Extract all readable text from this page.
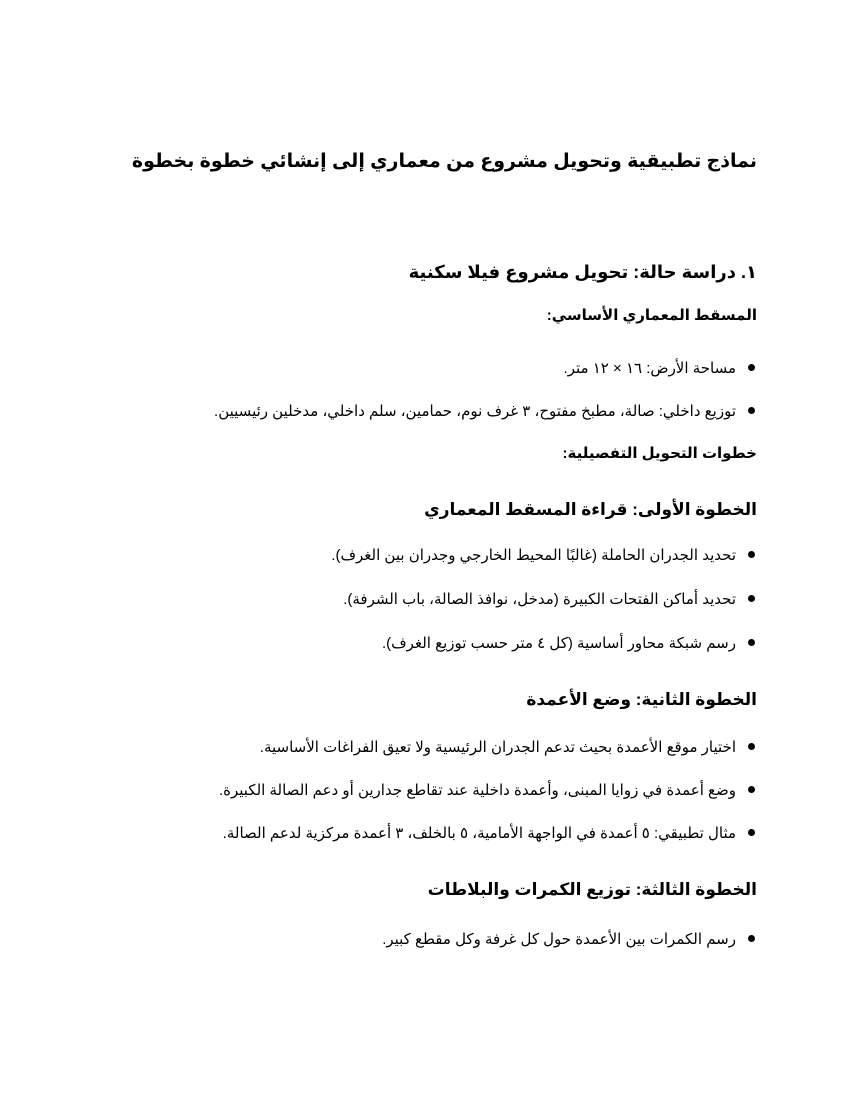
نماذج تطبيقية وتحويل مشروع من معماري إلى إنشائي خطوة بخطوة
١. دراسة حالة: تحويل مشروع فيلا سكنية
المسقط المعماري الأساسي:
مساحة الأرض: ١٦ × ١٢ متر.
توزيع داخلي: صالة، مطبخ مفتوح، ٣ غرف نوم، حمامين، سلم داخلي، مدخلين رئيسيين.
خطوات التحويل التفصيلية:
الخطوة الأولى: قراءة المسقط المعماري
تحديد الجدران الحاملة (غالبًا المحيط الخارجي وجدران بين الغرف).
تحديد أماكن الفتحات الكبيرة (مدخل، نوافذ الصالة، باب الشرفة).
رسم شبكة محاور أساسية (كل ٤ متر حسب توزيع الغرف).
الخطوة الثانية: وضع الأعمدة
اختيار موقع الأعمدة بحيث تدعم الجدران الرئيسية ولا تعيق الفراغات الأساسية.
وضع أعمدة في زوايا المبنى، وأعمدة داخلية عند تقاطع جدارين أو دعم الصالة الكبيرة.
مثال تطبيقي: ٥ أعمدة في الواجهة الأمامية، ٥ بالخلف، ٣ أعمدة مركزية لدعم الصالة.
الخطوة الثالثة: توزيع الكمرات والبلاطات
رسم الكمرات بين الأعمدة حول كل غرفة وكل مقطع كبير.
